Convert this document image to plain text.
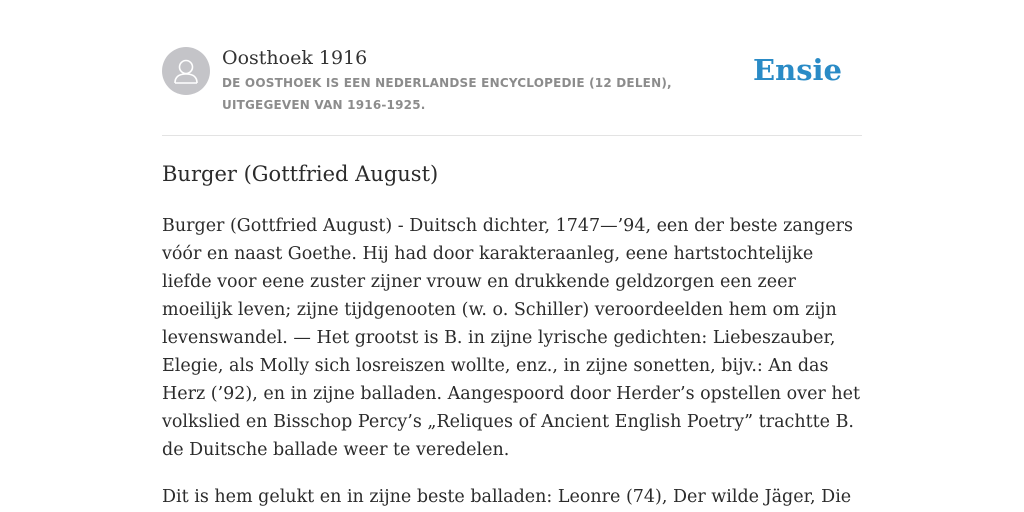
Oosthoek 1916
DE OOSTHOEK IS EEN NEDERLANDSE ENCYCLOPEDIE (12 DELEN), UITGEGEVEN VAN 1916-1925.
Ensie
Burger (Gottfried August)

Burger (Gottfried August) - Duitsch dichter, 1747—’94, een der beste zangers vóór en naast Goethe. Hij had door karakteraanleg, eene hartstochtelijke liefde voor eene zuster zijner vrouw en drukkende geldzorgen een zeer moeilijk leven; zijne tijdgenooten (w. o. Schiller) veroordeelden hem om zijn levenswandel. — Het grootst is B. in zijne lyrische gedichten: Liebeszauber, Elegie, als Molly sich losreiszen wollte, enz., in zijne sonetten, bijv.: An das Herz (’92), en in zijne balladen. Aangespoord door Herder’s opstellen over het volkslied en Bisschop Percy’s „Reliques of Ancient English Poetry” trachtte B. de Duitsche ballade weer te veredelen.

Dit is hem gelukt en in zijne beste balladen: Leonre (74), Der wilde Jäger, Die
